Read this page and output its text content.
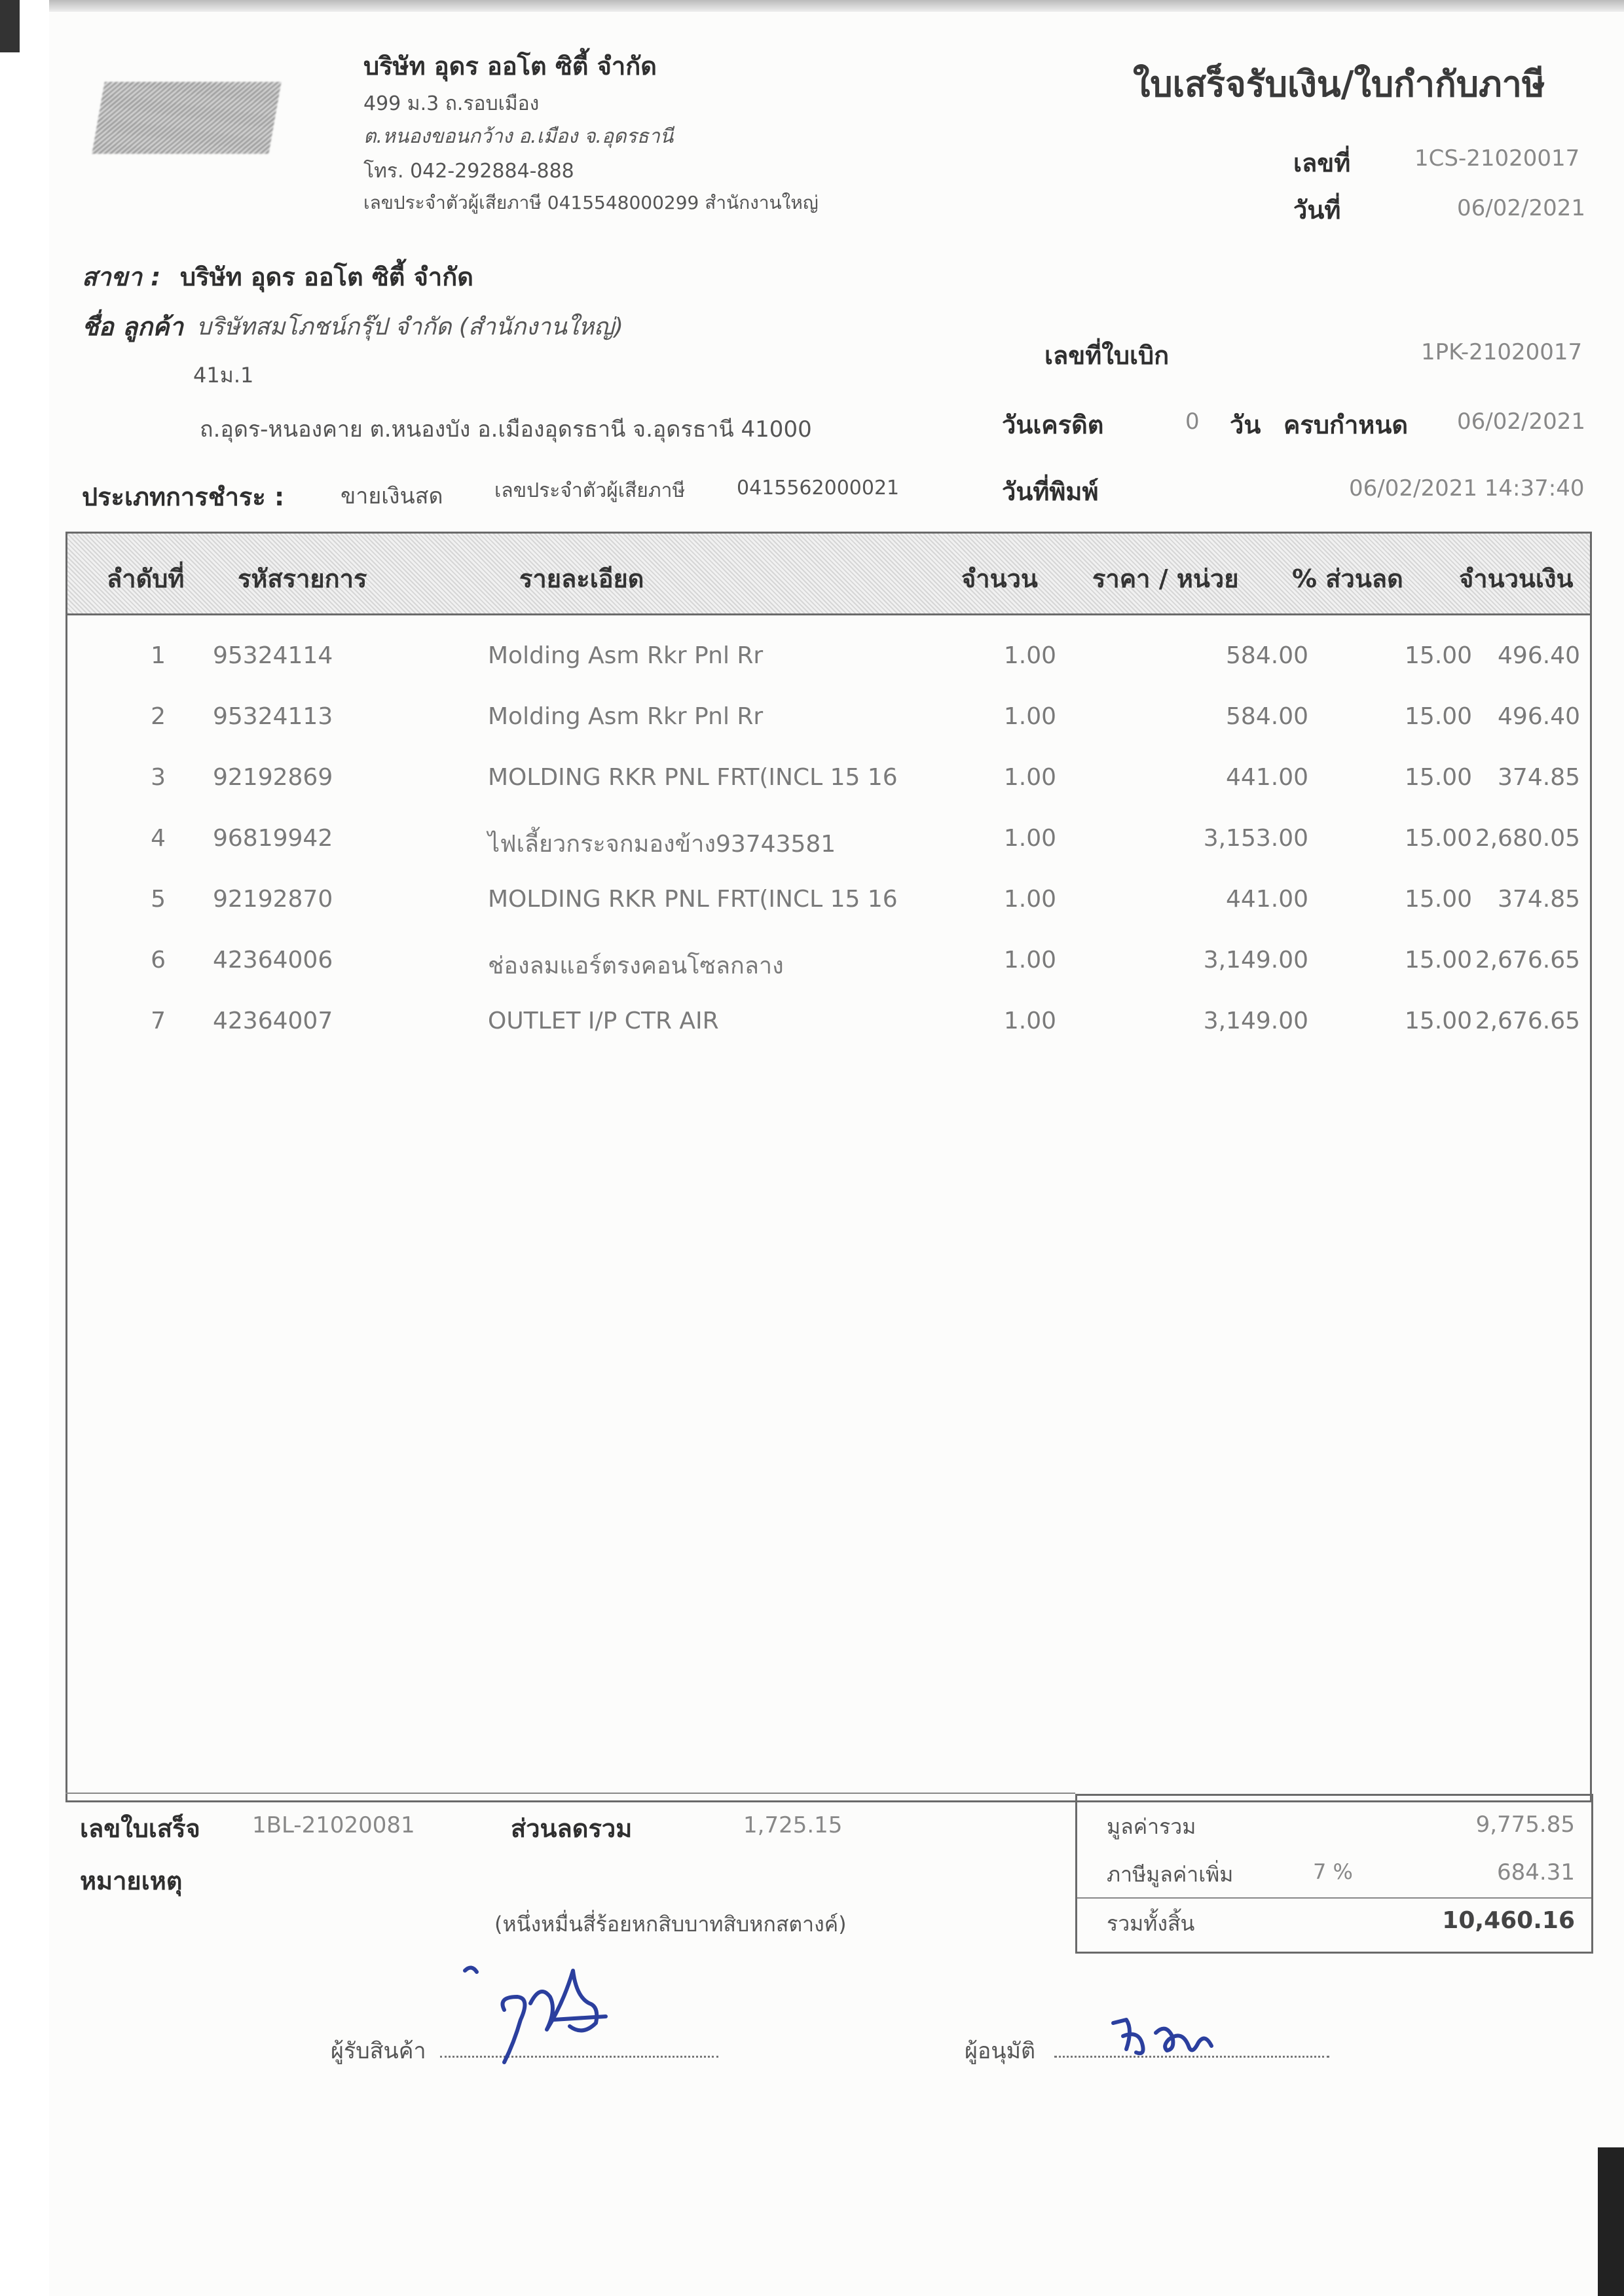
บริษัท อุดร ออโต ซิตี้ จำกัด
499 ม.3 ถ.รอบเมือง
ต.หนองขอนกว้าง อ.เมือง จ.อุดรธานี
โทร. 042-292884-888
เลขประจำตัวผู้เสียภาษี 0415548000299 สำนักงานใหญ่
ใบเสร็จรับเงิน/ใบกำกับภาษี
เลขที่	1CS-21020017
วันที่	06/02/2021
สาขา : บริษัท อุดร ออโต ซิตี้ จำกัด
ชื่อ ลูกค้า บริษัทสมโภชน์กรุ๊ป จำกัด (สำนักงานใหญ่)
41ม.1
ถ.อุดร-หนองคาย ต.หนองบัง อ.เมืองอุดรธานี จ.อุดรธานี 41000
ประเภทการชำระ :	ขายเงินสด	เลขประจำตัวผู้เสียภาษี	0415562000021
เลขที่ใบเบิก	1PK-21020017
วันเครดิต	0 วัน ครบกำหนด 06/02/2021
วันที่พิมพ์	06/02/2021 14:37:40
ลำดับที่ รหัสรายการ	รายละเอียด	จำนวน ราคา / หน่วย % ส่วนลด จำนวนเงิน
1 95324114	Molding Asm Rkr Pnl Rr	1.00	584.00	15.00	496.40
2 95324113	Molding Asm Rkr Pnl Rr	1.00	584.00	15.00	496.40
3 92192869	MOLDING RKR PNL FRT(INCL 15 16	1.00	441.00	15.00	374.85
4 96819942	ไฟเลี้ยวกระจกมองข้าง93743581	1.00	3,153.00	15.00 2,680.05
5 92192870	MOLDING RKR PNL FRT(INCL 15 16	1.00	441.00	15.00	374.85
6 42364006	ช่องลมแอร์ตรงคอนโซลกลาง	1.00	3,149.00	15.00 2,676.65
7 42364007	OUTLET I/P CTR AIR	1.00	3,149.00	15.00 2,676.65
เลขใบเสร็จ 1BL-21020081	ส่วนลดรวม	1,725.15
หมายเหตุ
(หนึ่งหมื่นสี่ร้อยหกสิบบาทสิบหกสตางค์)
มูลค่ารวม	9,775.85
ภาษีมูลค่าเพิ่ม	7 %	684.31
รวมทั้งสิ้น	10,460.16
ผู้รับสินค้า	ผู้อนุมัติ
